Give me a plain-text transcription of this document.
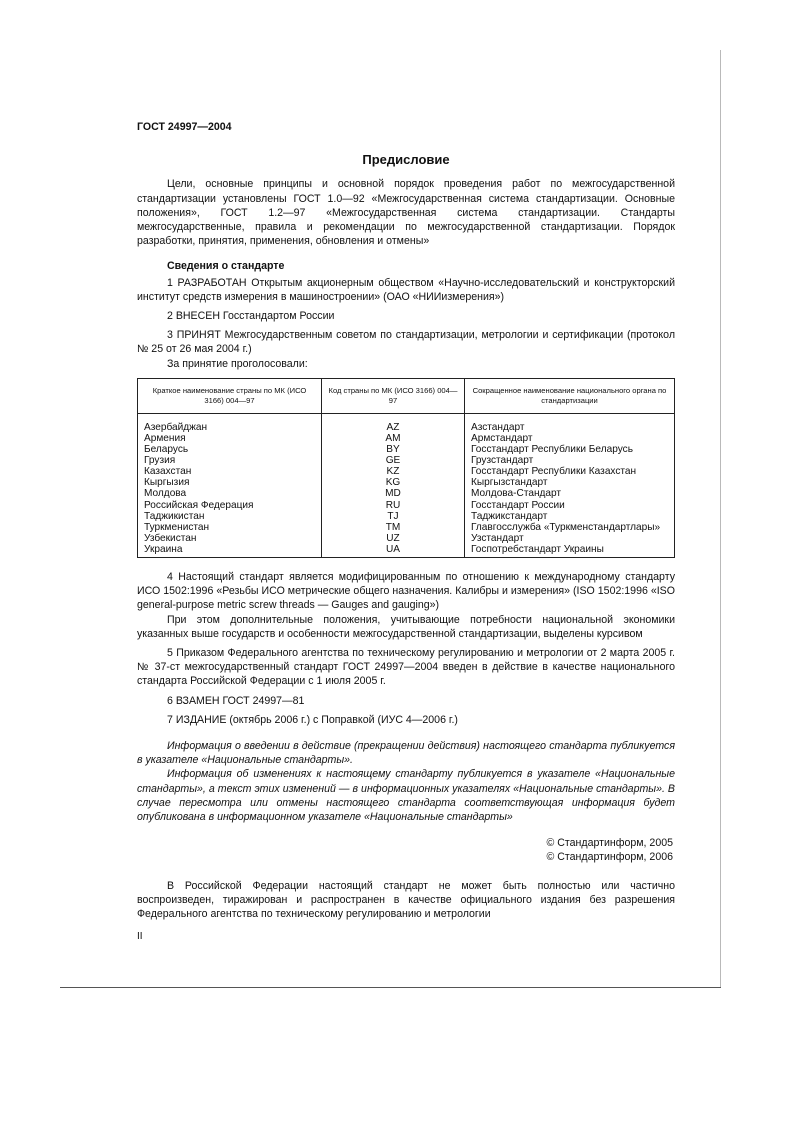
ГОСТ 24997—2004

Предисловие

Цели, основные принципы и основной порядок проведения работ по межгосударственной стандартизации установлены ГОСТ 1.0—92 «Межгосударственная система стандартизации. Основные положения», ГОСТ 1.2—97 «Межгосударственная система стандартизации. Стандарты межгосударственные, правила и рекомендации по межгосударственной стандартизации. Порядок разработки, принятия, применения, обновления и отмены»

Сведения о стандарте

1 РАЗРАБОТАН Открытым акционерным обществом «Научно-исследовательский и конструкторский институт средств измерения в машиностроении» (ОАО «НИИизмерения»)

2 ВНЕСЕН Госстандартом России

3 ПРИНЯТ Межгосударственным советом по стандартизации, метрологии и сертификации (протокол № 25 от 26 мая 2004 г.)

За принятие проголосовали:

Краткое наименование страны по МК (ИСО 3166) 004—97	Код страны по МК (ИСО 3166) 004—97	Сокращенное наименование национального органа по стандартизации
Азербайджан	AZ	Азстандарт
Армения	AM	Армстандарт
Беларусь	BY	Госстандарт Республики Беларусь
Грузия	GE	Грузстандарт
Казахстан	KZ	Госстандарт Республики Казахстан
Кыргызия	KG	Кыргызстандарт
Молдова	MD	Молдова-Стандарт
Российская Федерация	RU	Госстандарт России
Таджикистан	TJ	Таджикстандарт
Туркменистан	TM	Главгосслужба «Туркменстандартлары»
Узбекистан	UZ	Узстандарт
Украина	UA	Госпотребстандарт Украины

4 Настоящий стандарт является модифицированным по отношению к международному стандарту ИСО 1502:1996 «Резьбы ИСО метрические общего назначения. Калибры и измерения» (ISO 1502:1996 «ISO general-purpose metric screw threads — Gauges and gauging»)

При этом дополнительные положения, учитывающие потребности национальной экономики указанных выше государств и особенности межгосударственной стандартизации, выделены курсивом

5 Приказом Федерального агентства по техническому регулированию и метрологии от 2 марта 2005 г. № 37-ст межгосударственный стандарт ГОСТ 24997—2004 введен в действие в качестве национального стандарта Российской Федерации с 1 июля 2005 г.

6 ВЗАМЕН ГОСТ 24997—81

7 ИЗДАНИЕ (октябрь 2006 г.) с Поправкой (ИУС 4—2006 г.)

Информация о введении в действие (прекращении действия) настоящего стандарта публикуется в указателе «Национальные стандарты».

Информация об изменениях к настоящему стандарту публикуется в указателе «Национальные стандарты», а текст этих изменений — в информационных указателях «Национальные стандарты». В случае пересмотра или отмены настоящего стандарта соответствующая информация будет опубликована в информационном указателе «Национальные стандарты»

© Стандартинформ, 2005
© Стандартинформ, 2006

В Российской Федерации настоящий стандарт не может быть полностью или частично воспроизведен, тиражирован и распространен в качестве официального издания без разрешения Федерального агентства по техническому регулированию и метрологии

II
